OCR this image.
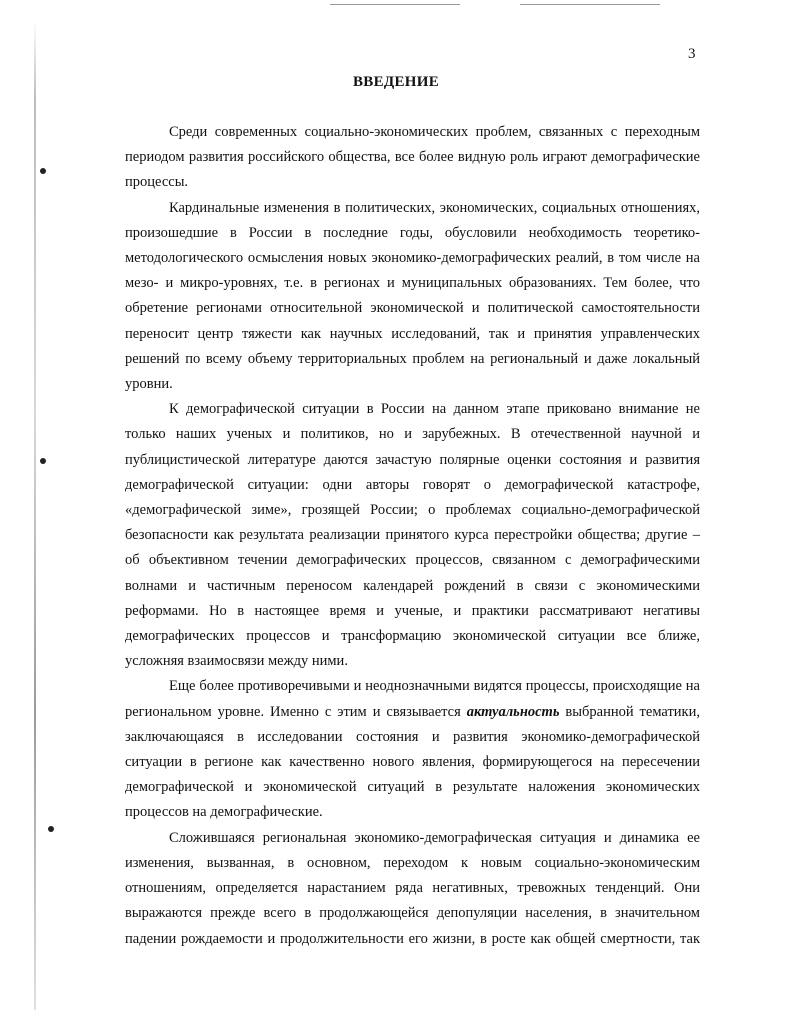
3
ВВЕДЕНИЕ

Среди современных социально-экономических проблем, связанных с переходным периодом развития российского общества, все более видную роль играют демографические процессы.

Кардинальные изменения в политических, экономических, социальных отношениях, произошедшие в России в последние годы, обусловили необходимость теоретико-методологического осмысления новых экономико-демографических реалий, в том числе на мезо- и микро-уровнях, т.е. в регионах и муниципальных образованиях. Тем более, что обретение регионами относительной экономической и политической самостоятельности переносит центр тяжести как научных исследований, так и принятия управленческих решений по всему объему территориальных проблем на региональный и даже локальный уровни.

К демографической ситуации в России на данном этапе приковано внимание не только наших ученых и политиков, но и зарубежных. В отечественной научной и публицистической литературе даются зачастую полярные оценки состояния и развития демографической ситуации: одни авторы говорят о демографической катастрофе, «демографической зиме», грозящей России; о проблемах социально-демографической безопасности как результата реализации принятого курса перестройки общества; другие – об объективном течении демографических процессов, связанном с демографическими волнами и частичным переносом календарей рождений в связи с экономическими реформами. Но в настоящее время и ученые, и практики рассматривают негативы демографических процессов и трансформацию экономической ситуации все ближе, усложняя взаимосвязи между ними.

Еще более противоречивыми и неоднозначными видятся процессы, происходящие на региональном уровне. Именно с этим и связывается актуальность выбранной тематики, заключающаяся в исследовании состояния и развития экономико-демографической ситуации в регионе как качественно нового явления, формирующегося на пересечении демографической и экономической ситуаций в результате наложения экономических процессов на демографические.

Сложившаяся региональная экономико-демографическая ситуация и динамика ее изменения, вызванная, в основном, переходом к новым социально-экономическим отношениям, определяется нарастанием ряда негативных, тревожных тенденций. Они выражаются прежде всего в продолжающейся депопуляции населения, в значительном падении рождаемости и продолжительности его жизни, в росте как общей смертности, так
